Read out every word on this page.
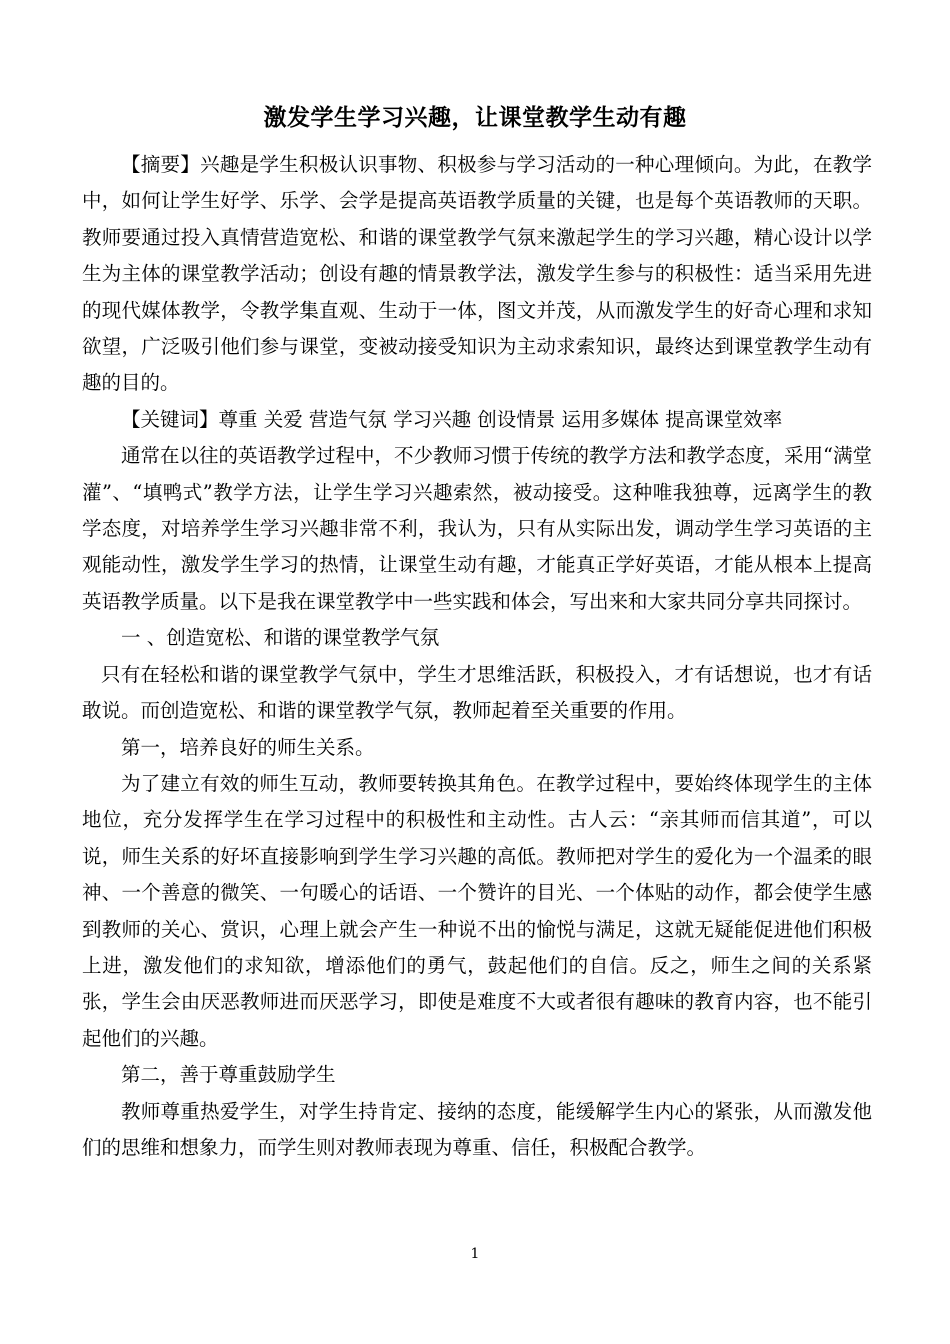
激发学生学习兴趣，让课堂教学生动有趣

【摘要】兴趣是学生积极认识事物、积极参与学习活动的一种心理倾向。为此，在教学中，如何让学生好学、乐学、会学是提高英语教学质量的关键，也是每个英语教师的天职。教师要通过投入真情营造宽松、和谐的课堂教学气氛来激起学生的学习兴趣，精心设计以学生为主体的课堂教学活动；创设有趣的情景教学法，激发学生参与的积极性：适当采用先进的现代媒体教学，令教学集直观、生动于一体，图文并茂，从而激发学生的好奇心理和求知欲望，广泛吸引他们参与课堂，变被动接受知识为主动求索知识，最终达到课堂教学生动有趣的目的。

【关键词】尊重 关爱 营造气氛 学习兴趣 创设情景 运用多媒体 提高课堂效率

通常在以往的英语教学过程中，不少教师习惯于传统的教学方法和教学态度，采用“满堂灌”、“填鸭式”教学方法，让学生学习兴趣索然，被动接受。这种唯我独尊，远离学生的教学态度，对培养学生学习兴趣非常不利，我认为，只有从实际出发，调动学生学习英语的主观能动性，激发学生学习的热情，让课堂生动有趣，才能真正学好英语，才能从根本上提高英语教学质量。以下是我在课堂教学中一些实践和体会，写出来和大家共同分享共同探讨。

一 、创造宽松、和谐的课堂教学气氛

只有在轻松和谐的课堂教学气氛中，学生才思维活跃，积极投入，才有话想说，也才有话敢说。而创造宽松、和谐的课堂教学气氛，教师起着至关重要的作用。

第一，培养良好的师生关系。

为了建立有效的师生互动，教师要转换其角色。在教学过程中，要始终体现学生的主体地位，充分发挥学生在学习过程中的积极性和主动性。古人云：“亲其师而信其道”，可以说，师生关系的好坏直接影响到学生学习兴趣的高低。教师把对学生的爱化为一个温柔的眼神、一个善意的微笑、一句暖心的话语、一个赞许的目光、一个体贴的动作，都会使学生感到教师的关心、赏识，心理上就会产生一种说不出的愉悦与满足，这就无疑能促进他们积极上进，激发他们的求知欲，增添他们的勇气，鼓起他们的自信。反之，师生之间的关系紧张，学生会由厌恶教师进而厌恶学习，即使是难度不大或者很有趣味的教育内容，也不能引起他们的兴趣。

第二，善于尊重鼓励学生

教师尊重热爱学生，对学生持肯定、接纳的态度，能缓解学生内心的紧张，从而激发他们的思维和想象力，而学生则对教师表现为尊重、信任，积极配合教学。

1
